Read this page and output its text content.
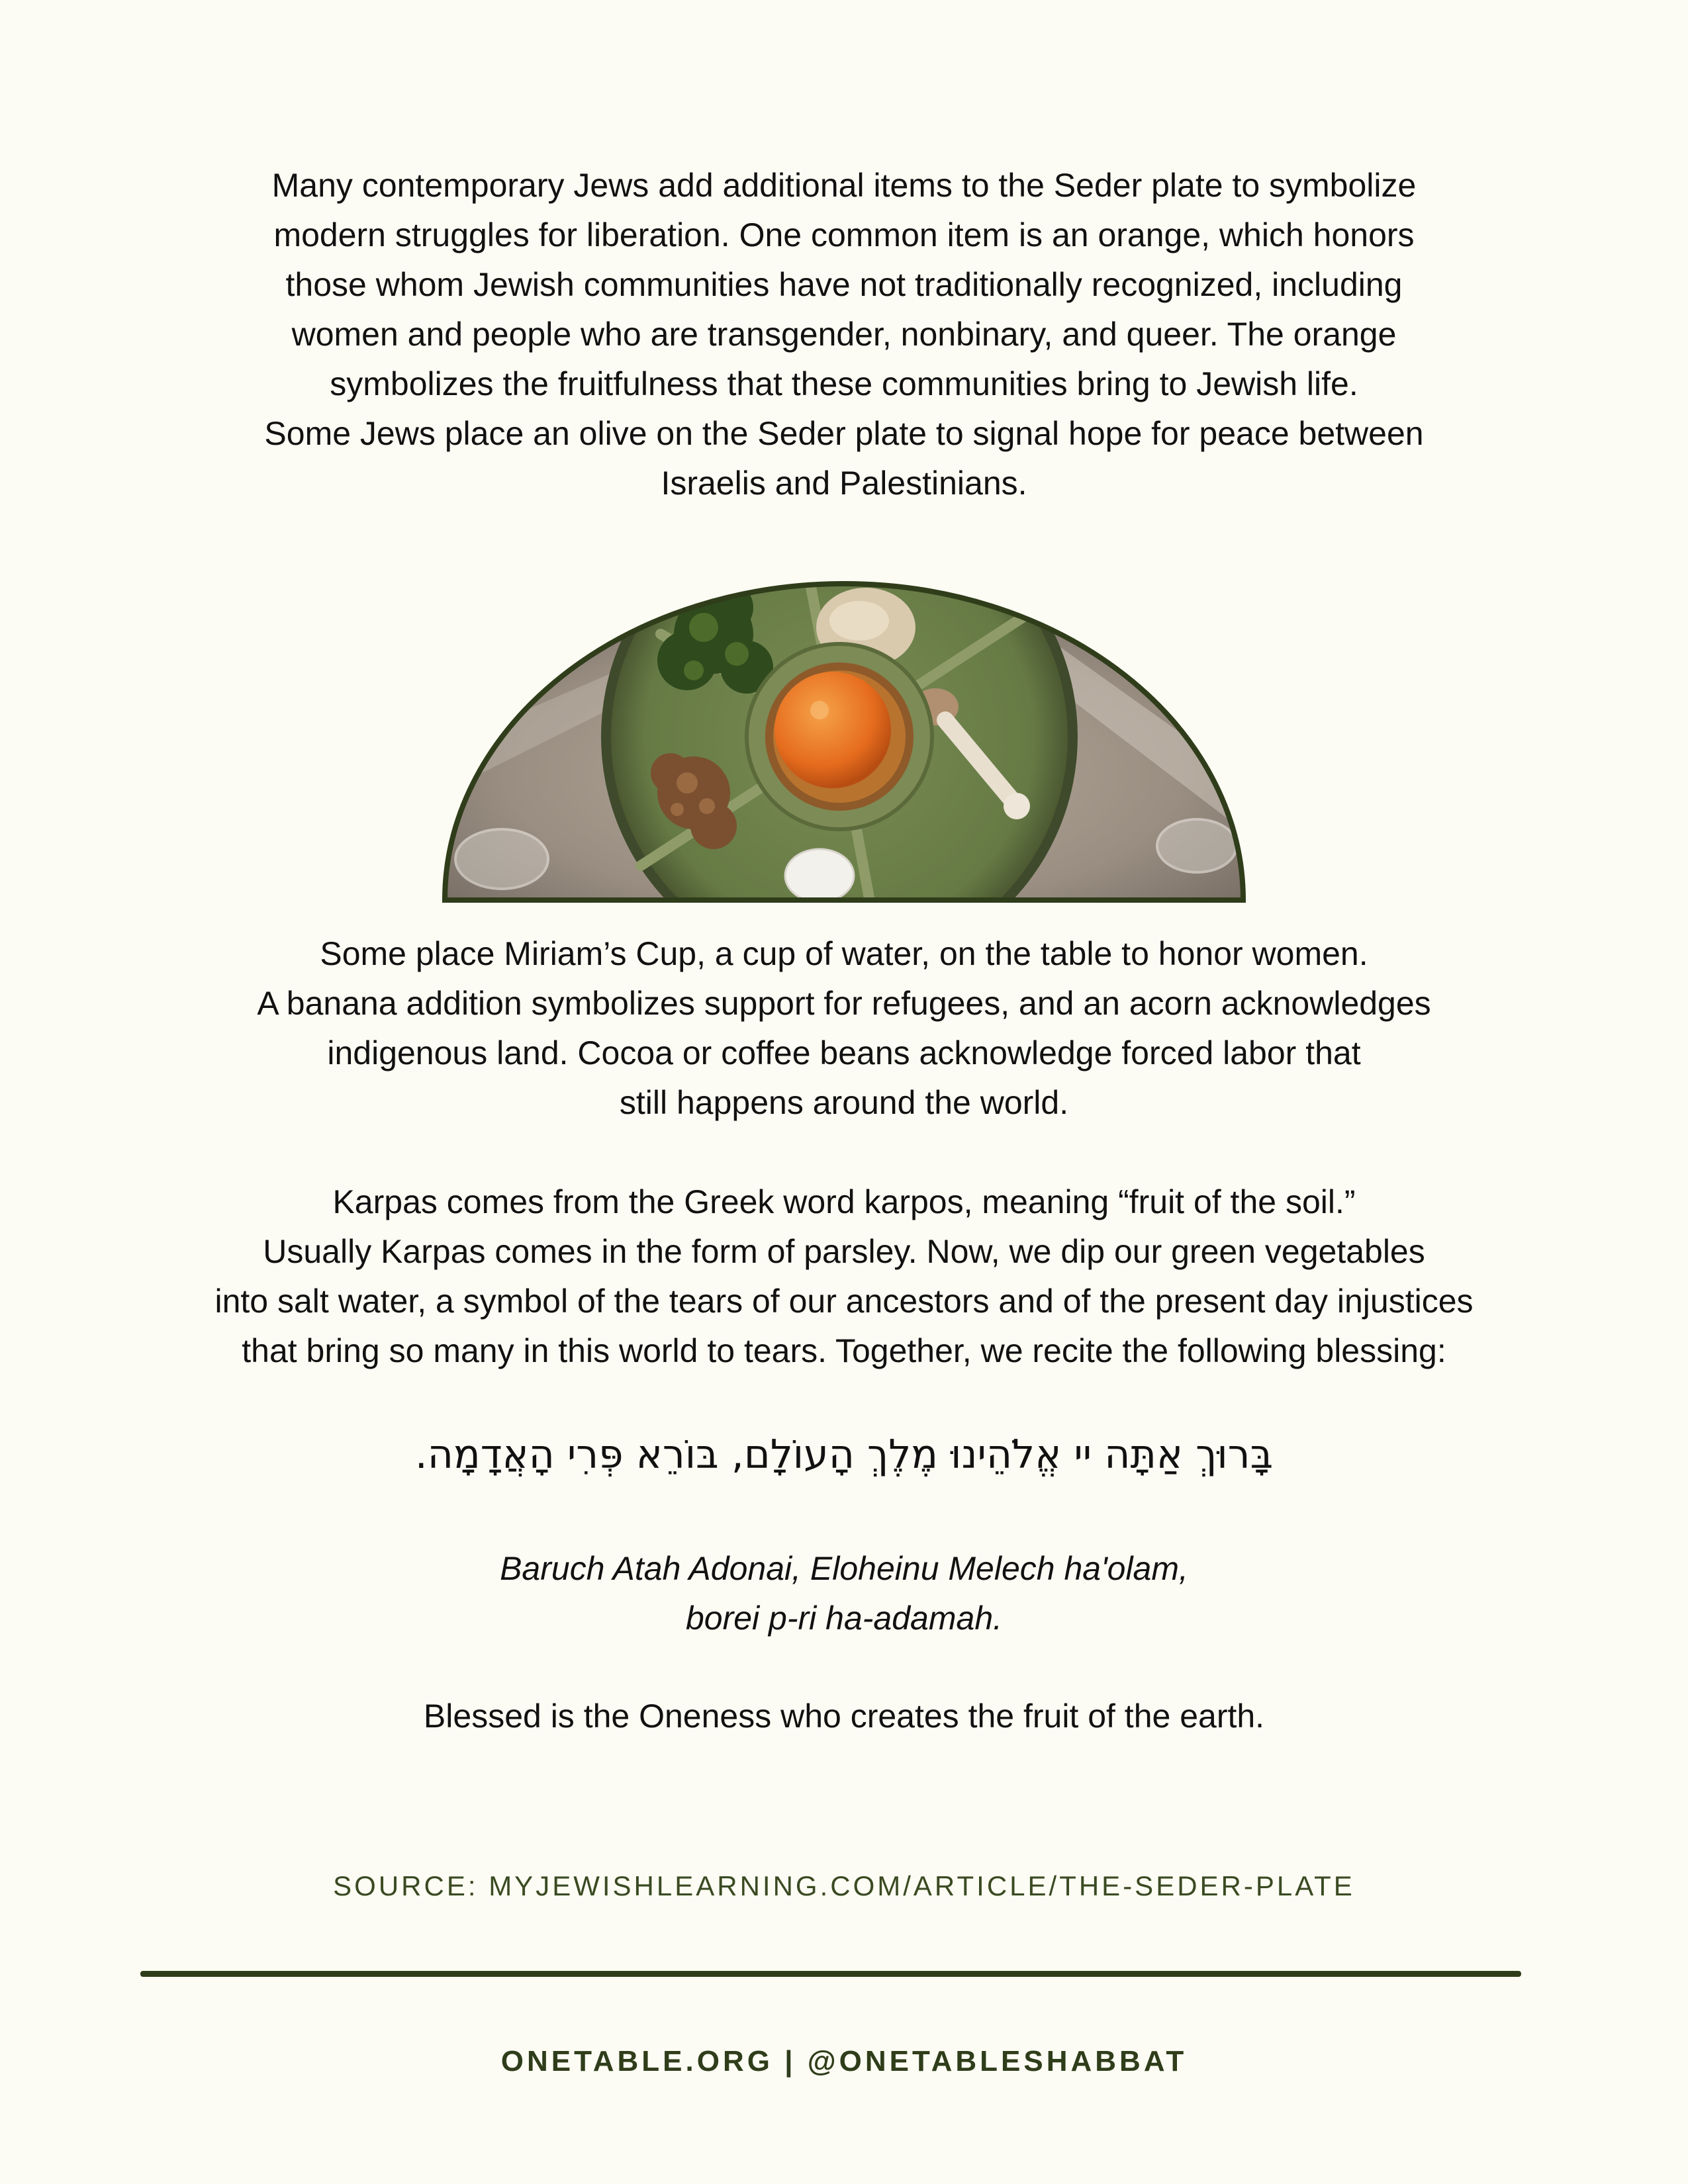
Many contemporary Jews add additional items to the Seder plate to symbolize

modern struggles for liberation. One common item is an orange, which honors

those whom Jewish communities have not traditionally recognized, including

women and people who are transgender, nonbinary, and queer. The orange

symbolizes the fruitfulness that these communities bring to Jewish life.

Some Jews place an olive on the Seder plate to signal hope for peace between

Israelis and Palestinians.

Some place Miriam’s Cup, a cup of water, on the table to honor women.

A banana addition symbolizes support for refugees, and an acorn acknowledges

indigenous land. Cocoa or coffee beans acknowledge forced labor that

still happens around the world.

Karpas comes from the Greek word karpos, meaning “fruit of the soil.”

Usually Karpas comes in the form of parsley. Now, we dip our green vegetables

into salt water, a symbol of the tears of our ancestors and of the present day injustices

that bring so many in this world to tears. Together, we recite the following blessing:

בָּרוּךְ אַתָּה יי אֱלֹהֵינוּ מֶלֶךְ הָעוֹלָם, בּוֹרֵא פְּרִי הָאֲדָמָה.

Baruch Atah Adonai, Eloheinu Melech ha'olam,

borei p-ri ha-adamah.

Blessed is the Oneness who creates the fruit of the earth.
SOURCE: MYJEWISHLEARNING.COM/ARTICLE/THE-SEDER-PLATE
ONETABLE.ORG | @ONETABLESHABBAT
